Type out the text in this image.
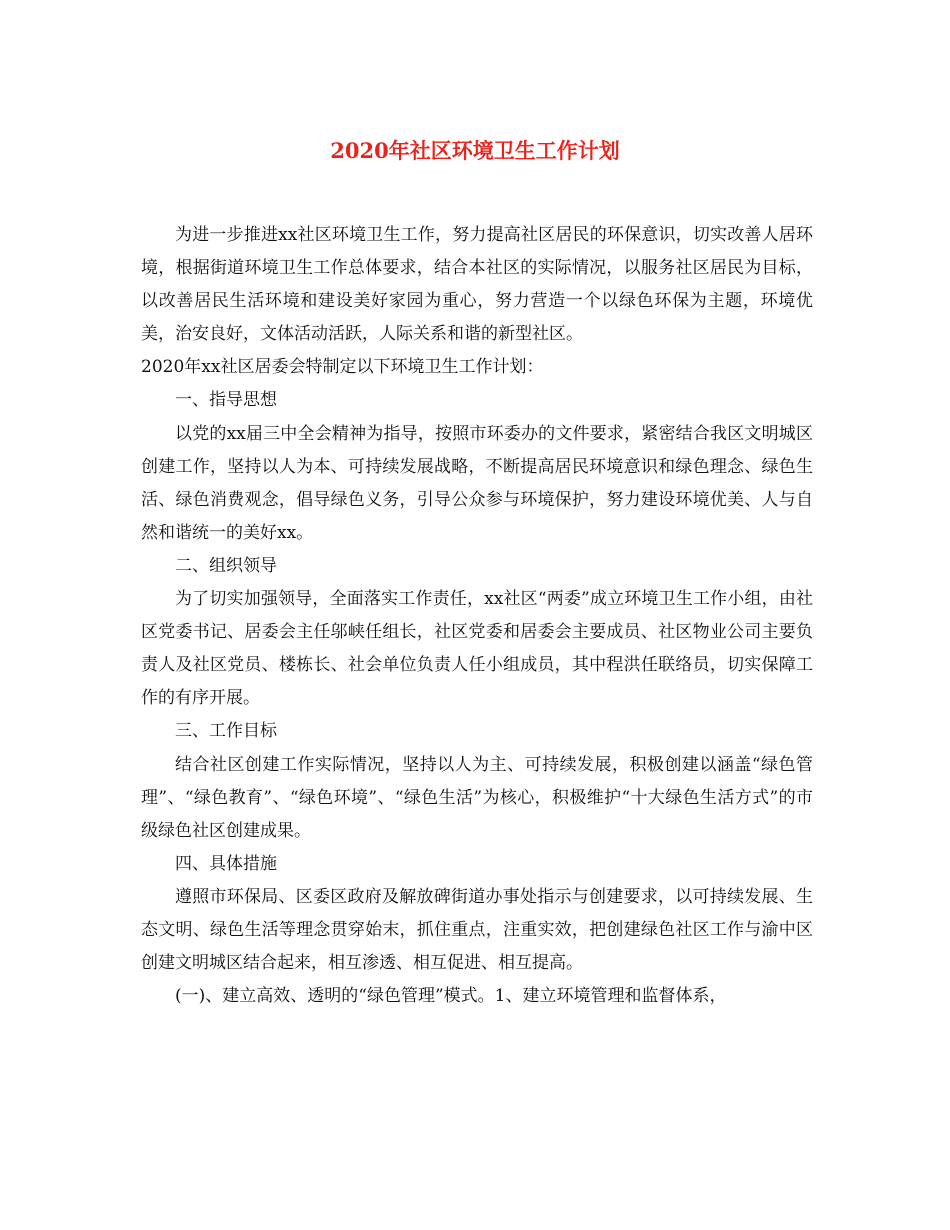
2020年社区环境卫生工作计划

为进一步推进xx社区环境卫生工作，努力提高社区居民的环保意识，切实改善人居环境，根据街道环境卫生工作总体要求，结合本社区的实际情况，以服务社区居民为目标，以改善居民生活环境和建设美好家园为重心，努力营造一个以绿色环保为主题，环境优美，治安良好，文体活动活跃，人际关系和谐的新型社区。

2020年xx社区居委会特制定以下环境卫生工作计划：

一、指导思想

以党的xx届三中全会精神为指导，按照市环委办的文件要求，紧密结合我区文明城区创建工作，坚持以人为本、可持续发展战略，不断提高居民环境意识和绿色理念、绿色生活、绿色消费观念，倡导绿色义务，引导公众参与环境保护，努力建设环境优美、人与自然和谐统一的美好xx。

二、组织领导

为了切实加强领导，全面落实工作责任，xx社区“两委”成立环境卫生工作小组，由社区党委书记、居委会主任邬峡任组长，社区党委和居委会主要成员、社区物业公司主要负责人及社区党员、楼栋长、社会单位负责人任小组成员，其中程洪任联络员，切实保障工作的有序开展。

三、工作目标

结合社区创建工作实际情况，坚持以人为主、可持续发展，积极创建以涵盖“绿色管理”、“绿色教育”、“绿色环境”、“绿色生活”为核心，积极维护“十大绿色生活方式”的市级绿色社区创建成果。

四、具体措施

遵照市环保局、区委区政府及解放碑街道办事处指示与创建要求，以可持续发展、生态文明、绿色生活等理念贯穿始末，抓住重点，注重实效，把创建绿色社区工作与渝中区创建文明城区结合起来，相互渗透、相互促进、相互提高。

(一)、建立高效、透明的“绿色管理”模式。1、建立环境管理和监督体系，
